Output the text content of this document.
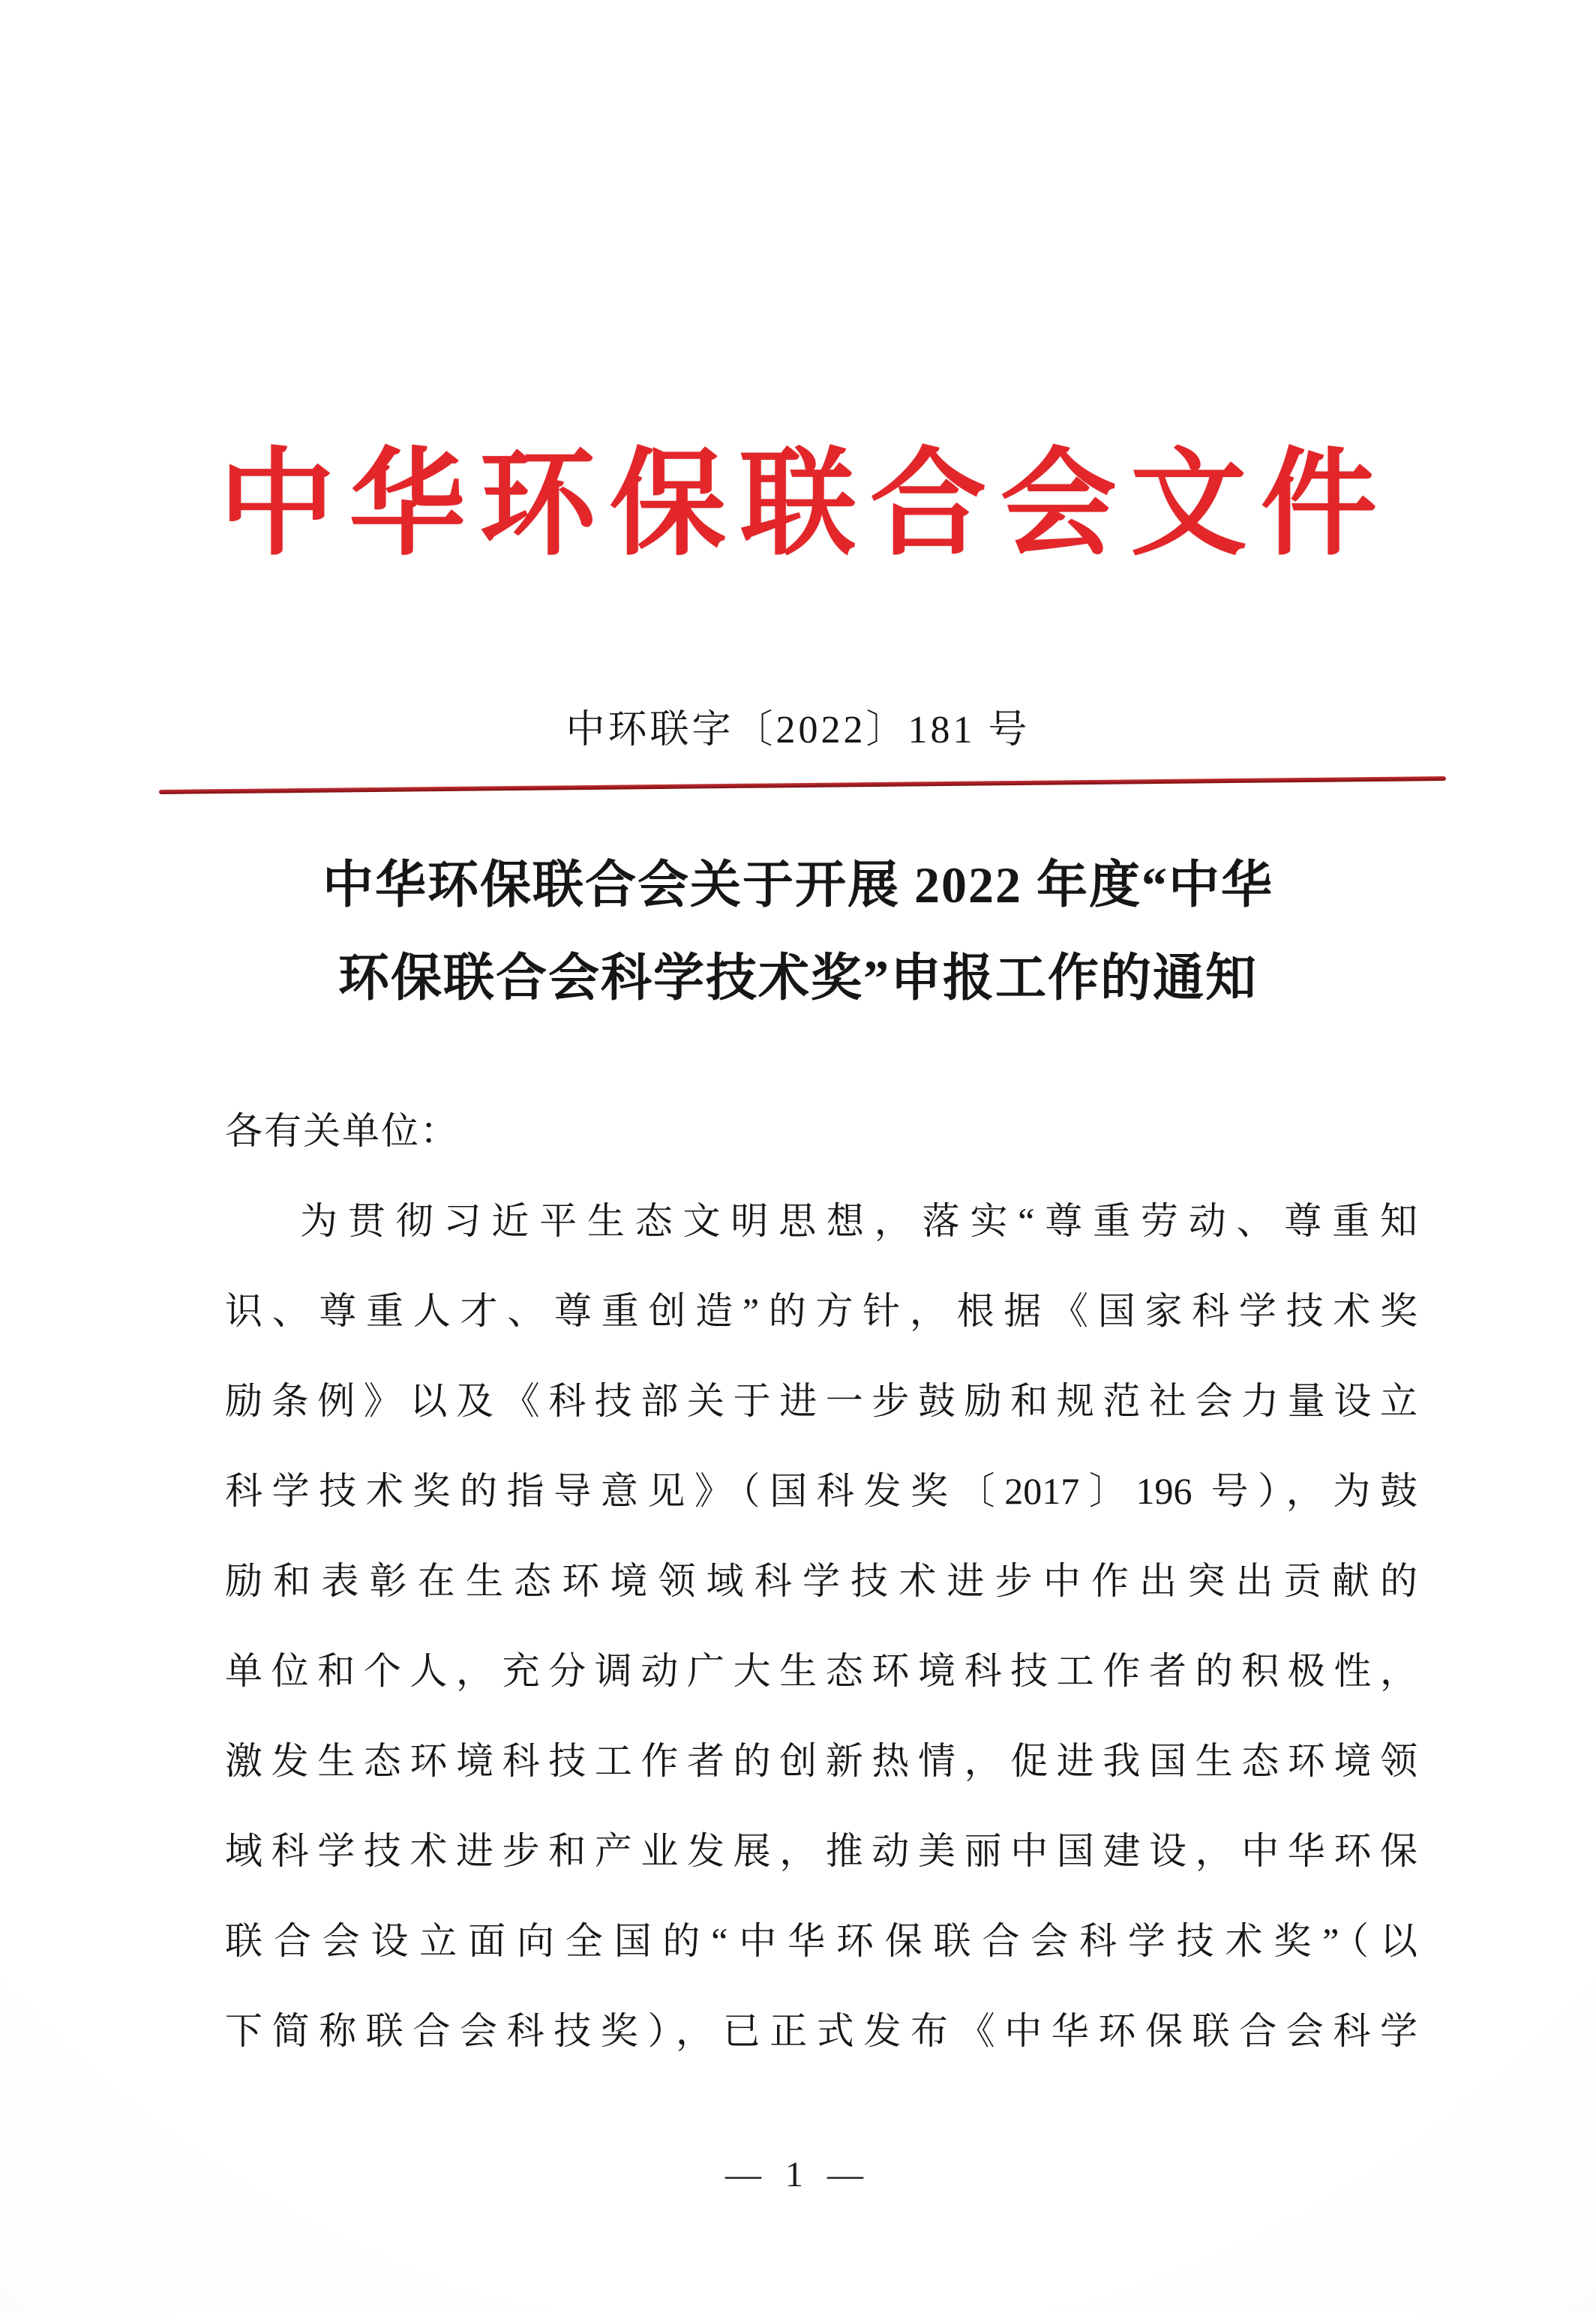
中华环保联合会文件
中环联字〔2022〕181 号
中华环保联合会关于开展 2022 年度“中华
环保联合会科学技术奖”申报工作的通知
各有关单位：
为贯彻习近平生态文明思想，落实“尊重劳动、尊重知
识、尊重人才、尊重创造”的方针，根据《国家科学技术奖
励条例》以及《科技部关于进一步鼓励和规范社会力量设立
科学技术奖的指导意见》（国科发奖〔2017〕196 号），为鼓
励和表彰在生态环境领域科学技术进步中作出突出贡献的
单位和个人，充分调动广大生态环境科技工作者的积极性，
激发生态环境科技工作者的创新热情，促进我国生态环境领
域科学技术进步和产业发展，推动美丽中国建设，中华环保
联合会设立面向全国的“中华环保联合会科学技术奖”（以
下简称联合会科技奖），已正式发布《中华环保联合会科学
— 1 —
